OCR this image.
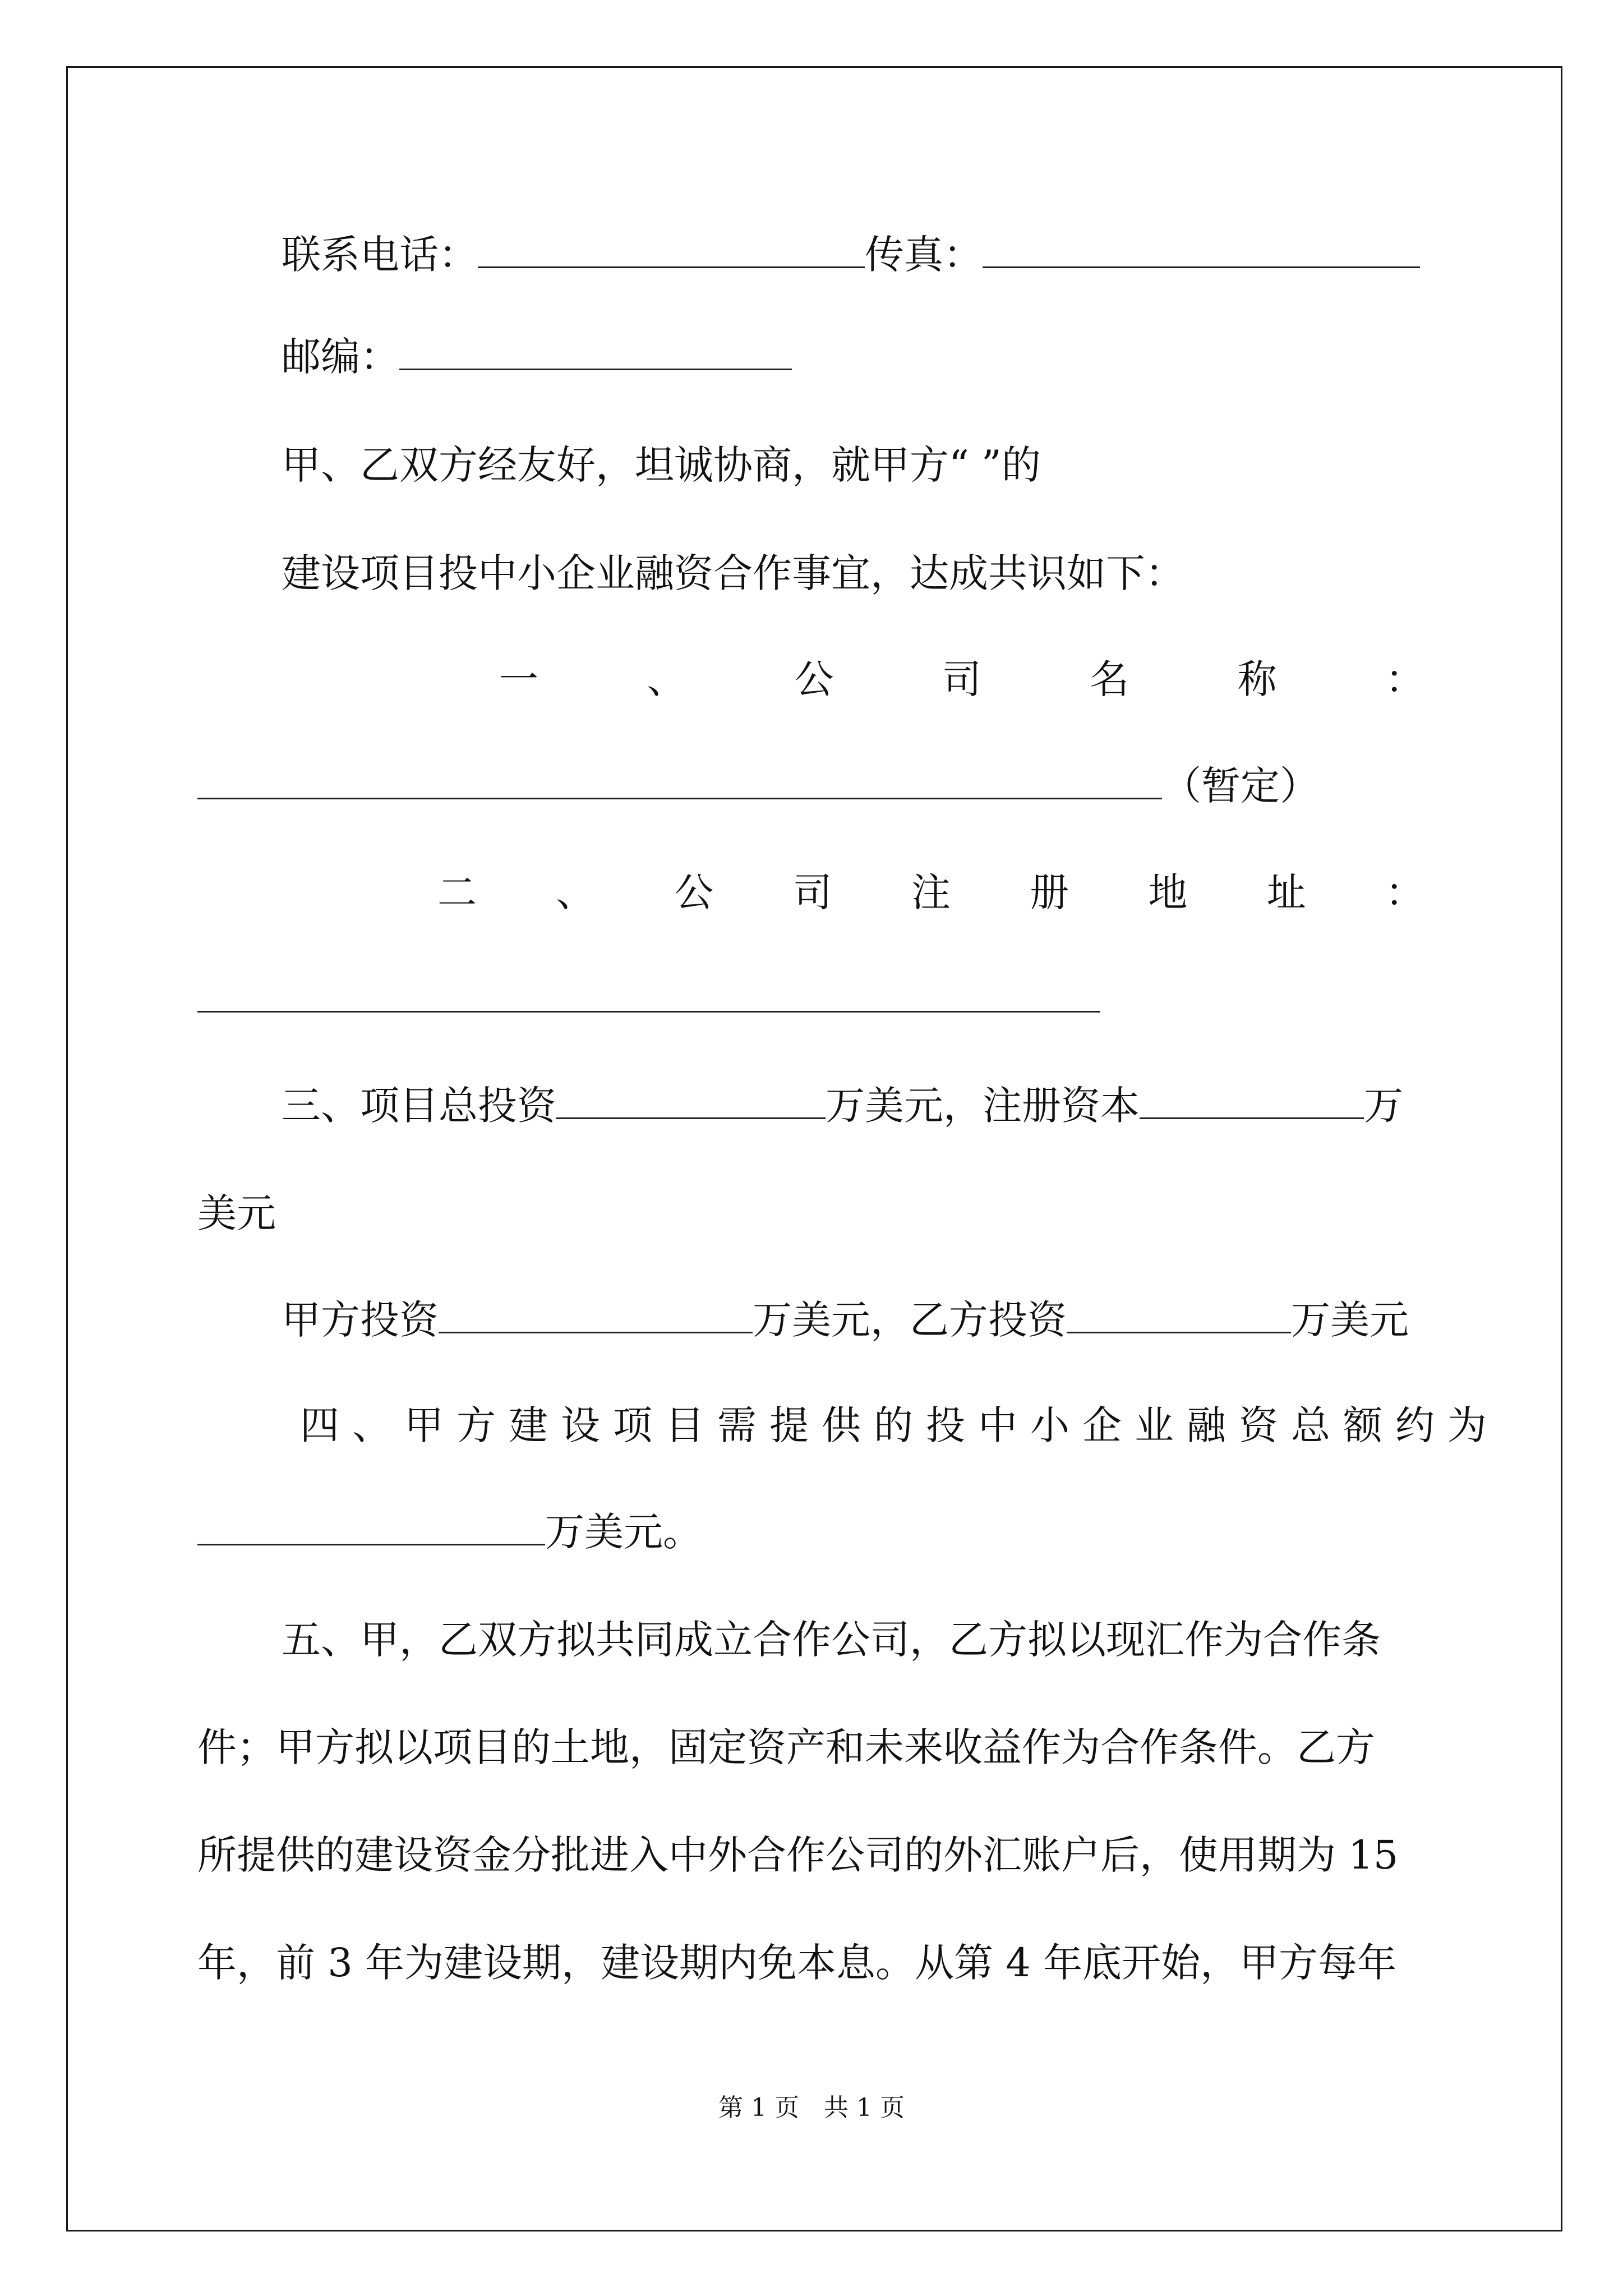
联系电话：	传真：
邮编：
甲、乙双方经友好，坦诚协商，就甲方“ ”的
建设项目投中小企业融资合作事宜，达成共识如下：
一	、	公	司	名	称	：
（暂定）
二 、 公 司 注 册 地 址 ：
三、项目总投资	万美元，注册资本	万
美元
甲方投资	万美元，乙方投资	万美元
四、甲方建设项目需提供的投中小企业融资总额约为
万美元。
五、甲，乙双方拟共同成立合作公司，乙方拟以现汇作为合作条
件；甲方拟以项目的土地，固定资产和未来收益作为合作条件。乙方
所提供的建设资金分批进入中外合作公司的外汇账户后，使用期为 15
年，前 3 年为建设期，建设期内免本息。从第 4 年底开始，甲方每年
第 1 页　共 1 页
